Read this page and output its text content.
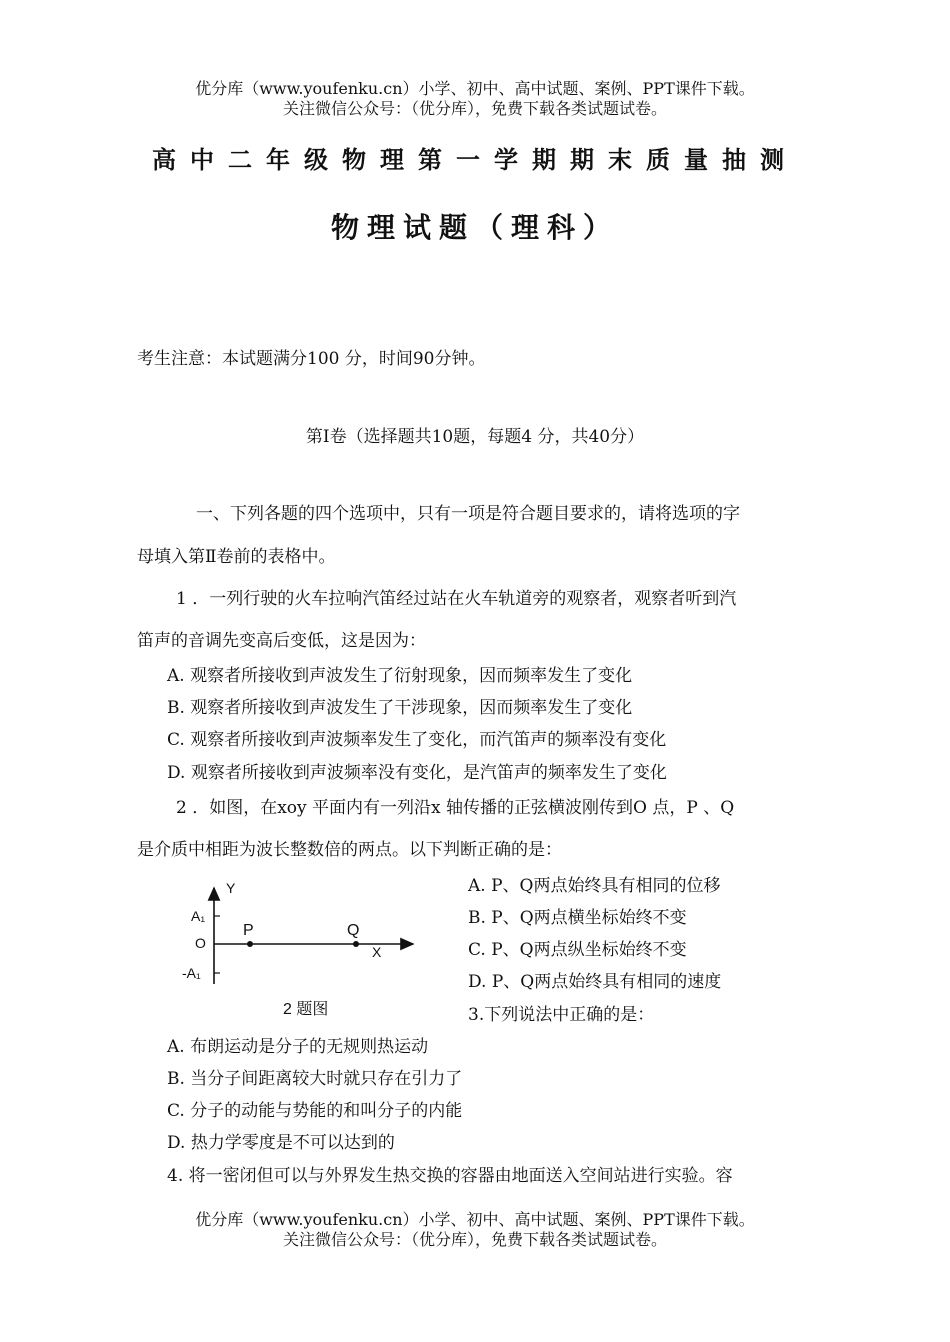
优分库（www.youfenku.cn）小学、初中、高中试题、案例、PPT课件下载。
关注微信公众号：（优分库），免费下载各类试题试卷。
高中二年级物理第一学期期末质量抽测
物理试题（理科）
考生注意：本试题满分100 分，时间90分钟。
第Ⅰ卷（选择题共10题，每题4 分，共40分）
一、下列各题的四个选项中，只有一项是符合题目要求的，请将选项的字
母填入第Ⅱ卷前的表格中。
1 ．一列行驶的火车拉响汽笛经过站在火车轨道旁的观察者，观察者听到汽
笛声的音调先变高后变低，这是因为：
A. 观察者所接收到声波发生了衍射现象，因而频率发生了变化
B. 观察者所接收到声波发生了干涉现象，因而频率发生了变化
C. 观察者所接收到声波频率发生了变化，而汽笛声的频率没有变化
D. 观察者所接收到声波频率没有变化，是汽笛声的频率发生了变化
2 ．如图，在xoy 平面内有一列沿x 轴传播的正弦横波刚传到O 点，P 、Q
是介质中相距为波长整数倍的两点。以下判断正确的是：
Y
A₁
O
-A₁
P	Q
X
2 题图
A. P、Q两点始终具有相同的位移
B. P、Q两点横坐标始终不变
C. P、Q两点纵坐标始终不变
D. P、Q两点始终具有相同的速度
3.下列说法中正确的是：
A. 布朗运动是分子的无规则热运动
B. 当分子间距离较大时就只存在引力了
C. 分子的动能与势能的和叫分子的内能
D. 热力学零度是不可以达到的
4. 将一密闭但可以与外界发生热交换的容器由地面送入空间站进行实验。容
优分库（www.youfenku.cn）小学、初中、高中试题、案例、PPT课件下载。
关注微信公众号：（优分库），免费下载各类试题试卷。
